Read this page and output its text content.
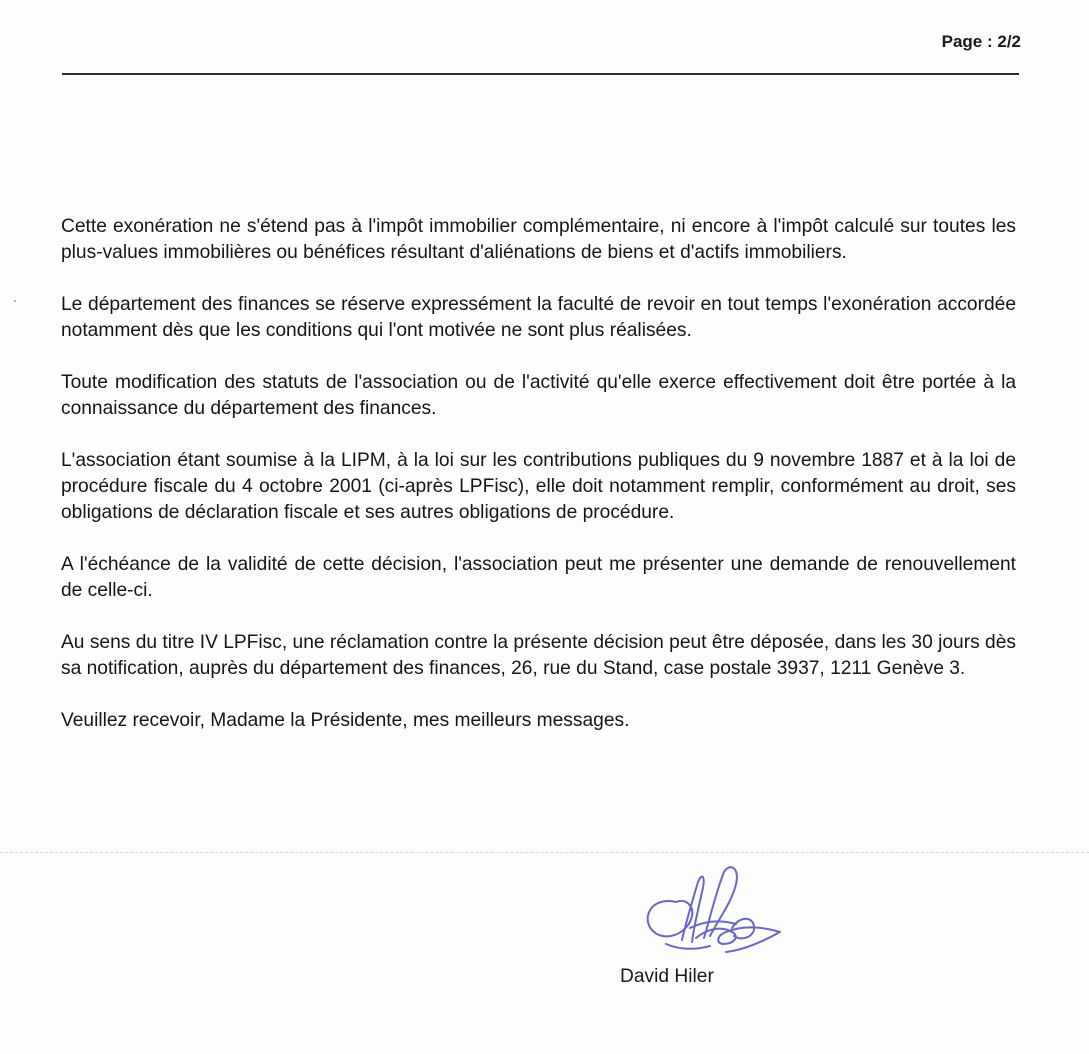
Page : 2/2

Cette exonération ne s'étend pas à l'impôt immobilier complémentaire, ni encore à l'impôt calculé sur toutes les plus-values immobilières ou bénéfices résultant d'aliénations de biens et d'actifs immobiliers.

Le département des finances se réserve expressément la faculté de revoir en tout temps l'exonération accordée notamment dès que les conditions qui l'ont motivée ne sont plus réalisées.

Toute modification des statuts de l'association ou de l'activité qu'elle exerce effectivement doit être portée à la connaissance du département des finances.

L'association étant soumise à la LIPM, à la loi sur les contributions publiques du 9 novembre 1887 et à la loi de procédure fiscale du 4 octobre 2001 (ci-après LPFisc), elle doit notamment remplir, conformément au droit, ses obligations de déclaration fiscale et ses autres obligations de procédure.

A l'échéance de la validité de cette décision, l'association peut me présenter une demande de renouvellement de celle-ci.

Au sens du titre IV LPFisc, une réclamation contre la présente décision peut être déposée, dans les 30 jours dès sa notification, auprès du département des finances, 26, rue du Stand, case postale 3937, 1211 Genève 3.

Veuillez recevoir, Madame la Présidente, mes meilleurs messages.

David Hiler
